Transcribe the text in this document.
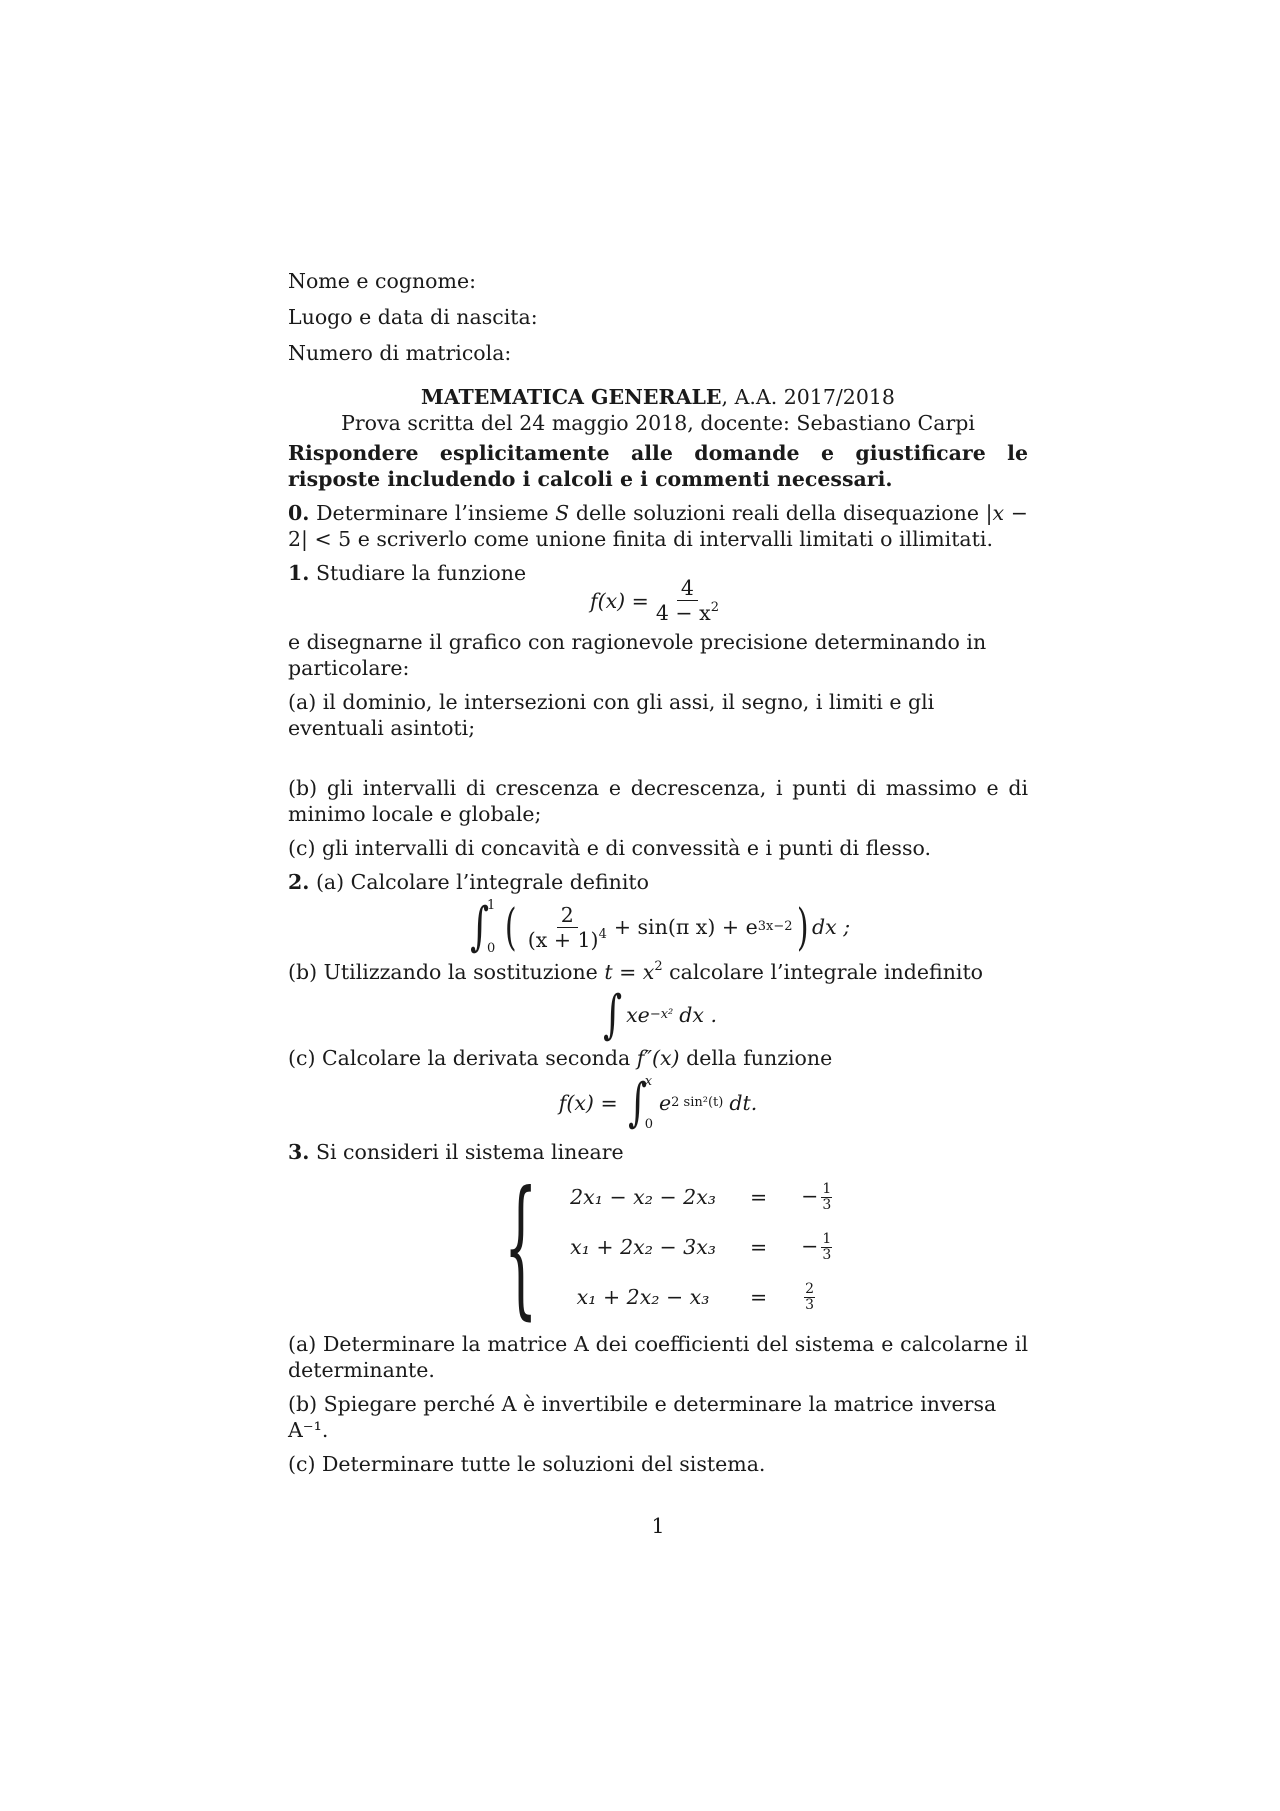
Nome e cognome:
Luogo e data di nascita:
Numero di matricola:
MATEMATICA GENERALE, A.A. 2017/2018
Prova scritta del 24 maggio 2018, docente: Sebastiano Carpi
Rispondere esplicitamente alle domande e giustificare le risposte includendo i calcoli e i commenti necessari.
0. Determinare l’insieme S delle soluzioni reali della disequazione |x − 2| < 5 e scriverlo come unione finita di intervalli limitati o illimitati.
1. Studiare la funzione
$f(x) = \frac{4}{4 - x^2}$
e disegnarne il grafico con ragionevole precisione determinando in particolare:
(a) il dominio, le intersezioni con gli assi, il segno, i limiti e gli eventuali asintoti;
(b) gli intervalli di crescenza e decrescenza, i punti di massimo e di minimo locale e globale;
(c) gli intervalli di concavità e di convessità e i punti di flesso.
2. (a) Calcolare l’integrale definito
∫
1
0 ( $\frac{2}{(x + 1)^4} + \sin(\pi$ x) + e 3x−2 ) dx ;
(b) Utilizzando la sostituzione $t = x^2$ calcolare l’integrale indefinito
∫ xe −x² dx .
(c) Calcolare la derivata seconda f″(x) della funzione
f(x) = ∫
x
0
e 2 sin²(t) dt.
3. Si consideri il sistema lineare
{ 2x₁ − x₂ − 2x₃	=	− $\frac{1}{3}$

x₁ + 2x₂ − 3x₃	=	− $\frac{1}{3}$

x₁ + 2x₂ − x₃	=	$\frac{2}{3}$
(a) Determinare la matrice A dei coefficienti del sistema e calcolarne il determinante.
(b) Spiegare perché A è invertibile e determinare la matrice inversa A⁻¹.
(c) Determinare tutte le soluzioni del sistema.
1
